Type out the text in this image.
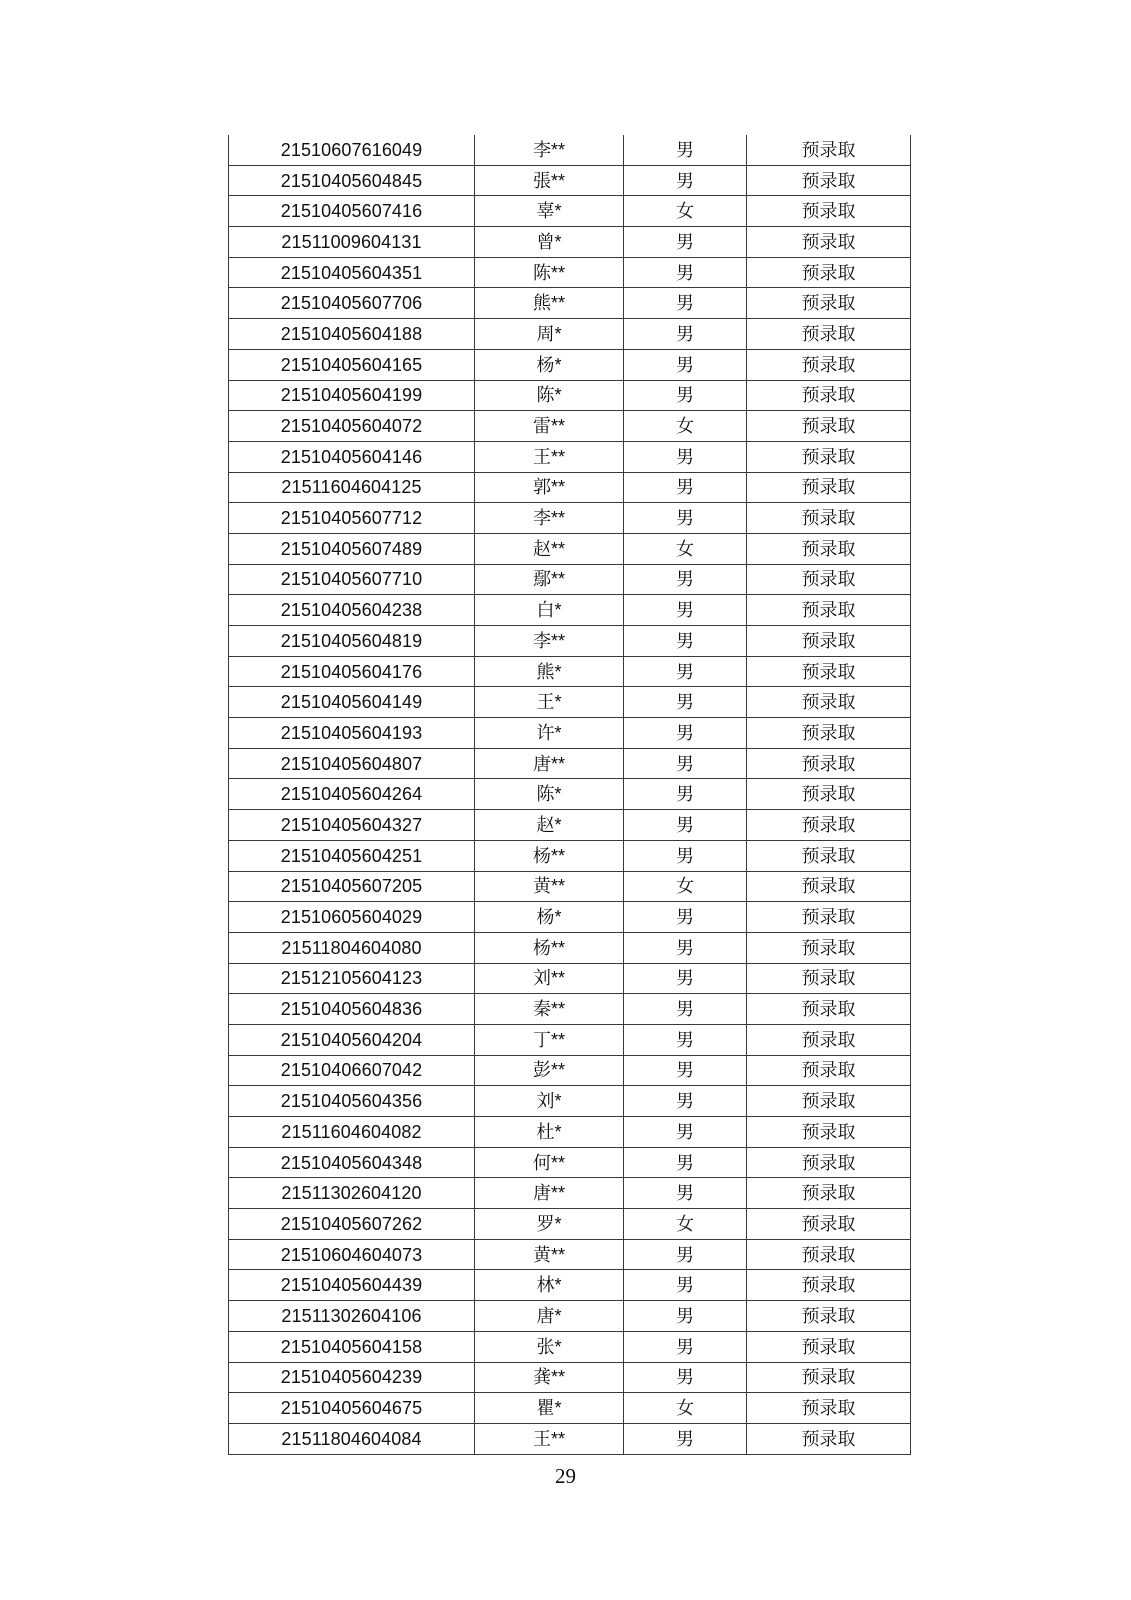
21510607616049	李**	男	预录取
21510405604845	張**	男	预录取
21510405607416	辜*	女	预录取
21511009604131	曾*	男	预录取
21510405604351	陈**	男	预录取
21510405607706	熊**	男	预录取
21510405604188	周*	男	预录取
21510405604165	杨*	男	预录取
21510405604199	陈*	男	预录取
21510405604072	雷**	女	预录取
21510405604146	王**	男	预录取
21511604604125	郭**	男	预录取
21510405607712	李**	男	预录取
21510405607489	赵**	女	预录取
21510405607710	鄢**	男	预录取
21510405604238	白*	男	预录取
21510405604819	李**	男	预录取
21510405604176	熊*	男	预录取
21510405604149	王*	男	预录取
21510405604193	许*	男	预录取
21510405604807	唐**	男	预录取
21510405604264	陈*	男	预录取
21510405604327	赵*	男	预录取
21510405604251	杨**	男	预录取
21510405607205	黄**	女	预录取
21510605604029	杨*	男	预录取
21511804604080	杨**	男	预录取
21512105604123	刘**	男	预录取
21510405604836	秦**	男	预录取
21510405604204	丁**	男	预录取
21510406607042	彭**	男	预录取
21510405604356	刘*	男	预录取
21511604604082	杜*	男	预录取
21510405604348	何**	男	预录取
21511302604120	唐**	男	预录取
21510405607262	罗*	女	预录取
21510604604073	黄**	男	预录取
21510405604439	林*	男	预录取
21511302604106	唐*	男	预录取
21510405604158	张*	男	预录取
21510405604239	龚**	男	预录取
21510405604675	瞿*	女	预录取
21511804604084	王**	男	预录取
29
